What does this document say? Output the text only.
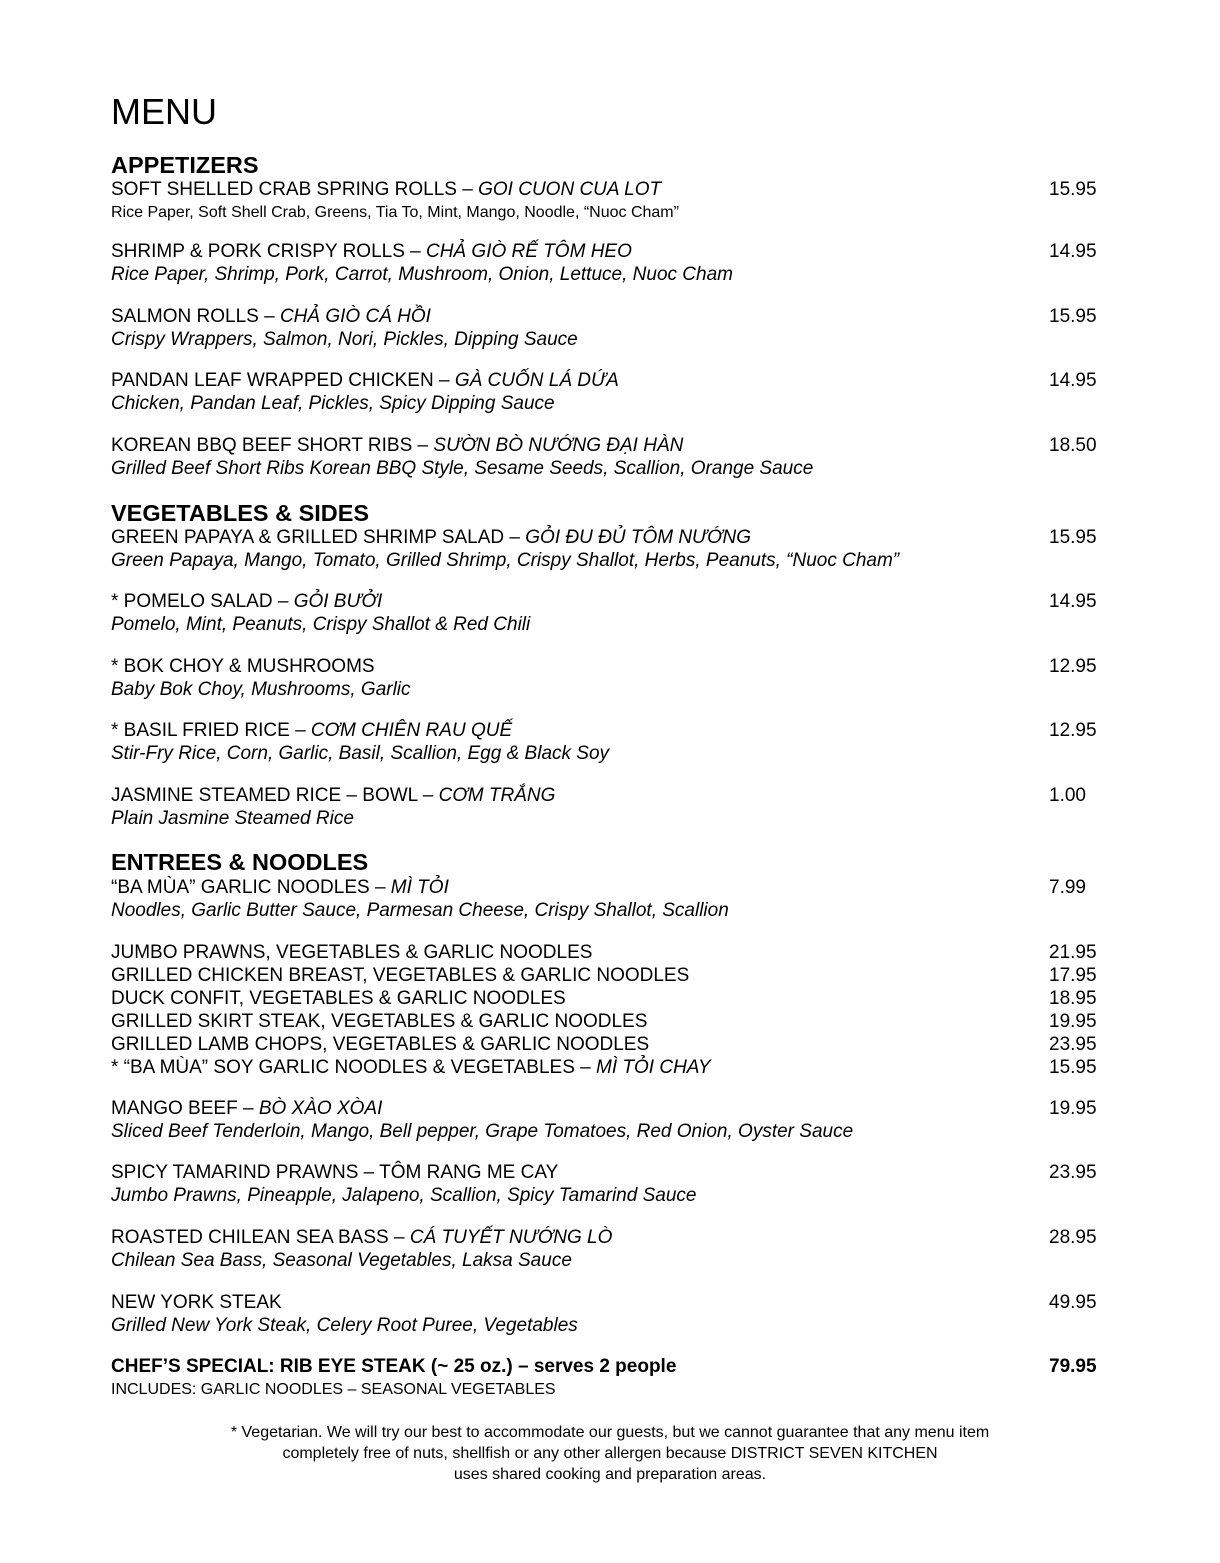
MENU
APPETIZERS
SOFT SHELLED CRAB SPRING ROLLS – GOI CUON CUA LOT	15.95
Rice Paper, Soft Shell Crab, Greens, Tia To, Mint, Mango, Noodle, “Nuoc Cham”
SHRIMP & PORK CRISPY ROLLS – CHẢ GIÒ RẾ TÔM HEO	14.95
Rice Paper, Shrimp, Pork, Carrot, Mushroom, Onion, Lettuce, Nuoc Cham
SALMON ROLLS – CHẢ GIÒ CÁ HỒI	15.95
Crispy Wrappers, Salmon, Nori, Pickles, Dipping Sauce
PANDAN LEAF WRAPPED CHICKEN – GÀ CUỐN LÁ DỨA	14.95
Chicken, Pandan Leaf, Pickles, Spicy Dipping Sauce
KOREAN BBQ BEEF SHORT RIBS – SƯỜN BÒ NƯỚNG ĐẠI HÀN	18.50
Grilled Beef Short Ribs Korean BBQ Style, Sesame Seeds, Scallion, Orange Sauce
VEGETABLES & SIDES
GREEN PAPAYA & GRILLED SHRIMP SALAD – GỎI ĐU ĐỦ TÔM NƯỚNG	15.95
Green Papaya, Mango, Tomato, Grilled Shrimp, Crispy Shallot, Herbs, Peanuts, “Nuoc Cham”
* POMELO SALAD – GỎI BƯỞI	14.95
Pomelo, Mint, Peanuts, Crispy Shallot & Red Chili
* BOK CHOY & MUSHROOMS	12.95
Baby Bok Choy, Mushrooms, Garlic
* BASIL FRIED RICE – CƠM CHIÊN RAU QUẾ	12.95
Stir-Fry Rice, Corn, Garlic, Basil, Scallion, Egg & Black Soy
JASMINE STEAMED RICE – BOWL – CƠM TRẮNG	1.00
Plain Jasmine Steamed Rice
ENTREES & NOODLES
“BA MÙA” GARLIC NOODLES – MÌ TỎI	7.99
Noodles, Garlic Butter Sauce, Parmesan Cheese, Crispy Shallot, Scallion
JUMBO PRAWNS, VEGETABLES & GARLIC NOODLES	21.95
GRILLED CHICKEN BREAST, VEGETABLES & GARLIC NOODLES	17.95
DUCK CONFIT, VEGETABLES & GARLIC NOODLES	18.95
GRILLED SKIRT STEAK, VEGETABLES & GARLIC NOODLES	19.95
GRILLED LAMB CHOPS, VEGETABLES & GARLIC NOODLES	23.95
* “BA MÙA” SOY GARLIC NOODLES & VEGETABLES – MÌ TỎI CHAY	15.95
MANGO BEEF – BÒ XÀO XÒAI	19.95
Sliced Beef Tenderloin, Mango, Bell pepper, Grape Tomatoes, Red Onion, Oyster Sauce
SPICY TAMARIND PRAWNS – TÔM RANG ME CAY	23.95
Jumbo Prawns, Pineapple, Jalapeno, Scallion, Spicy Tamarind Sauce
ROASTED CHILEAN SEA BASS – CÁ TUYẾT NƯỚNG LÒ	28.95
Chilean Sea Bass, Seasonal Vegetables, Laksa Sauce
NEW YORK STEAK	49.95
Grilled New York Steak, Celery Root Puree, Vegetables
CHEF’S SPECIAL: RIB EYE STEAK (~ 25 oz.) – serves 2 people	79.95
INCLUDES: GARLIC NOODLES – SEASONAL VEGETABLES
* Vegetarian. We will try our best to accommodate our guests, but we cannot guarantee that any menu item
completely free of nuts, shellfish or any other allergen because DISTRICT SEVEN KITCHEN
uses shared cooking and preparation areas.
